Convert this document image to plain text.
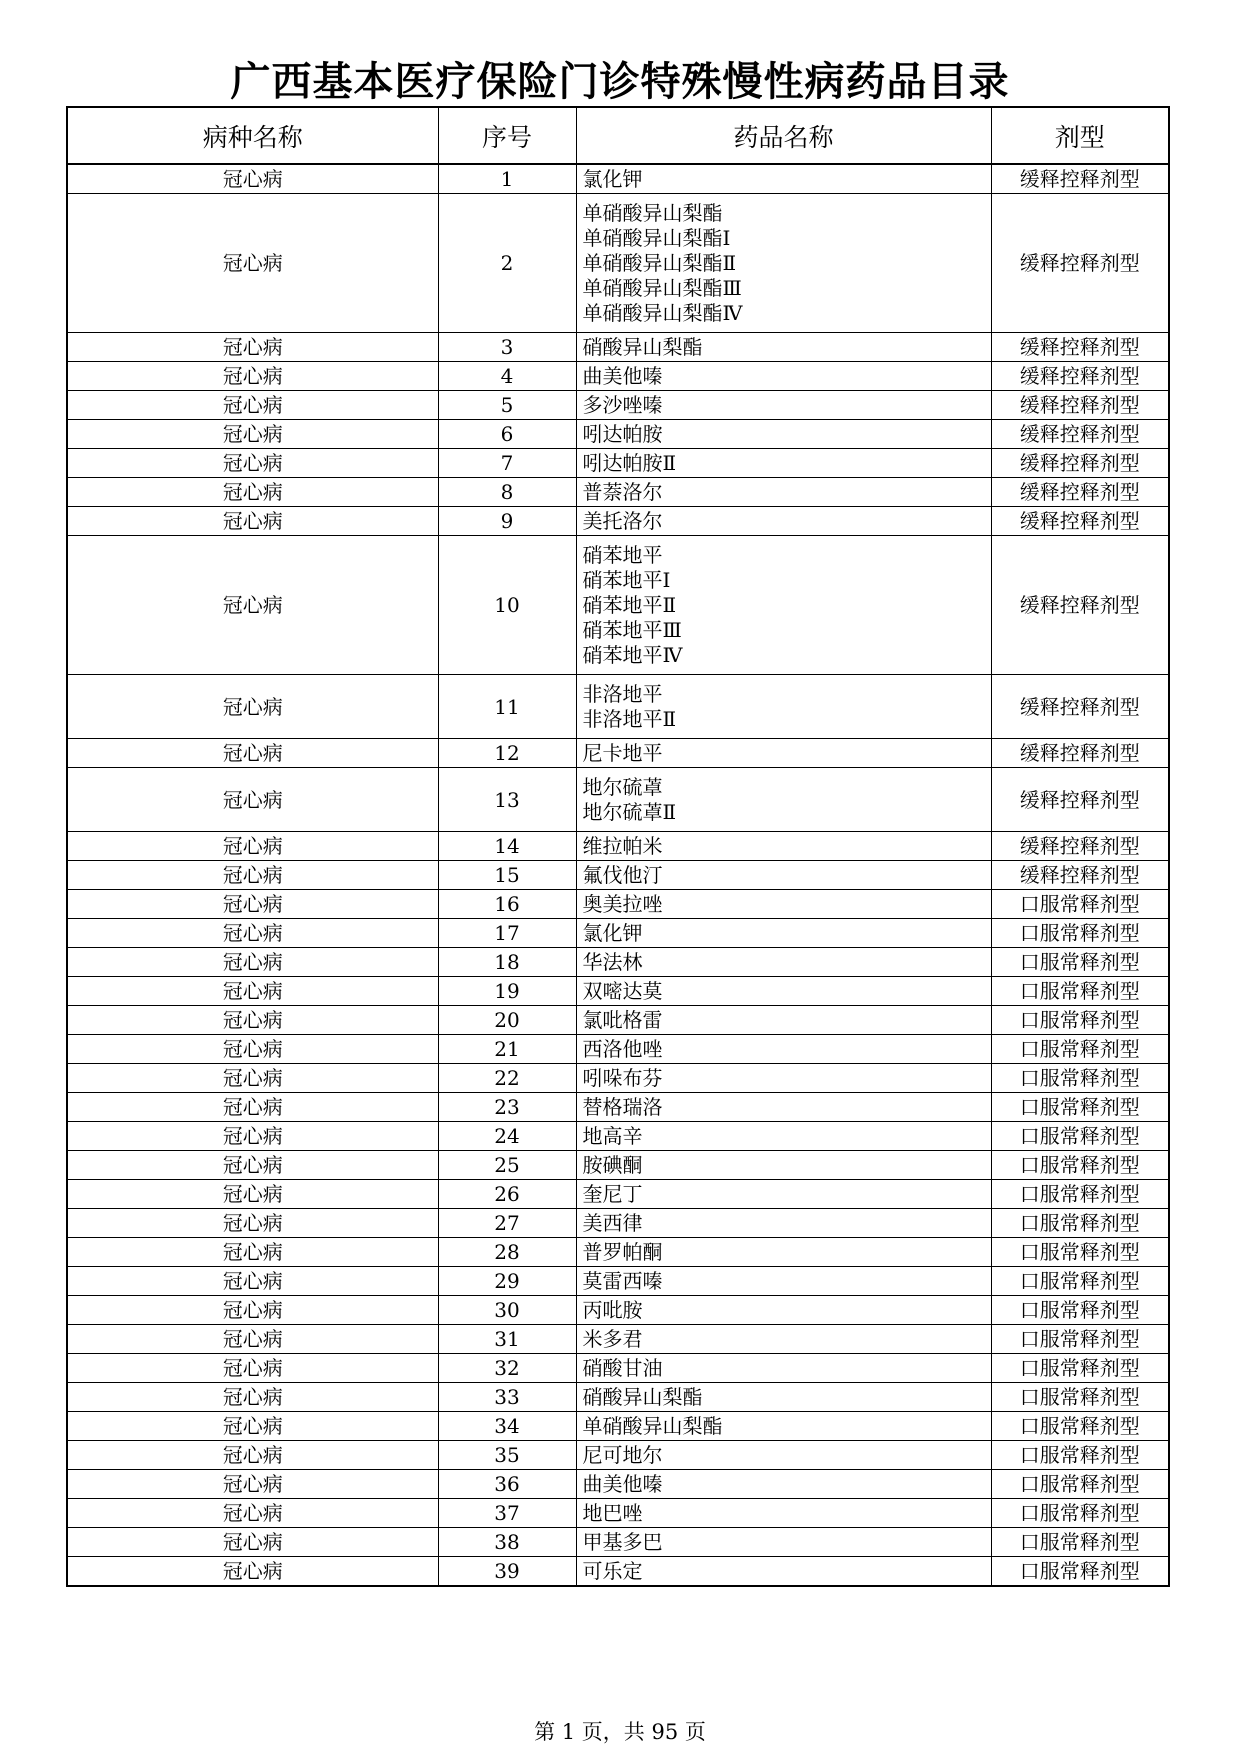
广西基本医疗保险门诊特殊慢性病药品目录
病种名称	序号	药品名称	剂型
冠心病	1	氯化钾	缓释控释剂型
冠心病	2	单硝酸异山梨酯
单硝酸异山梨酯Ⅰ
单硝酸异山梨酯Ⅱ
单硝酸异山梨酯Ⅲ
单硝酸异山梨酯Ⅳ	缓释控释剂型
冠心病	3	硝酸异山梨酯	缓释控释剂型
冠心病	4	曲美他嗪	缓释控释剂型
冠心病	5	多沙唑嗪	缓释控释剂型
冠心病	6	吲达帕胺	缓释控释剂型
冠心病	7	吲达帕胺Ⅱ	缓释控释剂型
冠心病	8	普萘洛尔	缓释控释剂型
冠心病	9	美托洛尔	缓释控释剂型
冠心病	10	硝苯地平
硝苯地平Ⅰ
硝苯地平Ⅱ
硝苯地平Ⅲ
硝苯地平Ⅳ	缓释控释剂型
冠心病	11	非洛地平
非洛地平Ⅱ	缓释控释剂型
冠心病	12	尼卡地平	缓释控释剂型
冠心病	13	地尔硫䓬
地尔硫䓬Ⅱ	缓释控释剂型
冠心病	14	维拉帕米	缓释控释剂型
冠心病	15	氟伐他汀	缓释控释剂型
冠心病	16	奥美拉唑	口服常释剂型
冠心病	17	氯化钾	口服常释剂型
冠心病	18	华法林	口服常释剂型
冠心病	19	双嘧达莫	口服常释剂型
冠心病	20	氯吡格雷	口服常释剂型
冠心病	21	西洛他唑	口服常释剂型
冠心病	22	吲哚布芬	口服常释剂型
冠心病	23	替格瑞洛	口服常释剂型
冠心病	24	地高辛	口服常释剂型
冠心病	25	胺碘酮	口服常释剂型
冠心病	26	奎尼丁	口服常释剂型
冠心病	27	美西律	口服常释剂型
冠心病	28	普罗帕酮	口服常释剂型
冠心病	29	莫雷西嗪	口服常释剂型
冠心病	30	丙吡胺	口服常释剂型
冠心病	31	米多君	口服常释剂型
冠心病	32	硝酸甘油	口服常释剂型
冠心病	33	硝酸异山梨酯	口服常释剂型
冠心病	34	单硝酸异山梨酯	口服常释剂型
冠心病	35	尼可地尔	口服常释剂型
冠心病	36	曲美他嗪	口服常释剂型
冠心病	37	地巴唑	口服常释剂型
冠心病	38	甲基多巴	口服常释剂型
冠心病	39	可乐定	口服常释剂型
第 1 页，共 95 页
